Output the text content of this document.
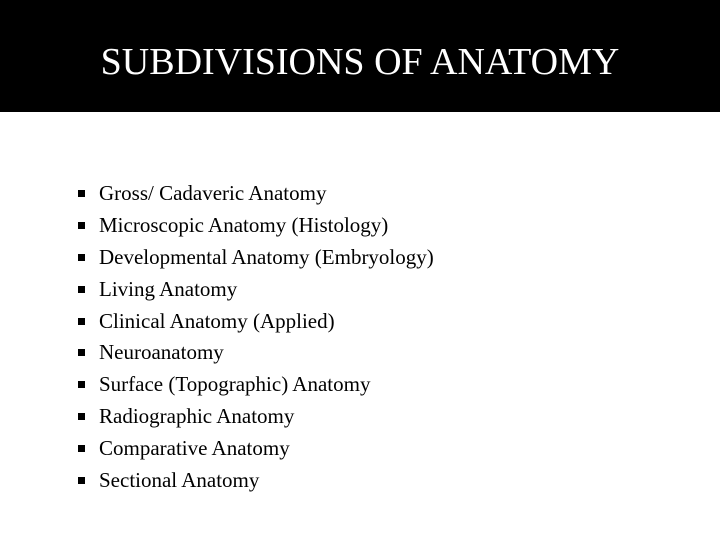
SUBDIVISIONS OF ANATOMY
Gross/ Cadaveric Anatomy
Microscopic Anatomy (Histology)
Developmental Anatomy (Embryology)
Living Anatomy
Clinical Anatomy (Applied)
Neuroanatomy
Surface (Topographic) Anatomy
Radiographic Anatomy
Comparative Anatomy
Sectional Anatomy
